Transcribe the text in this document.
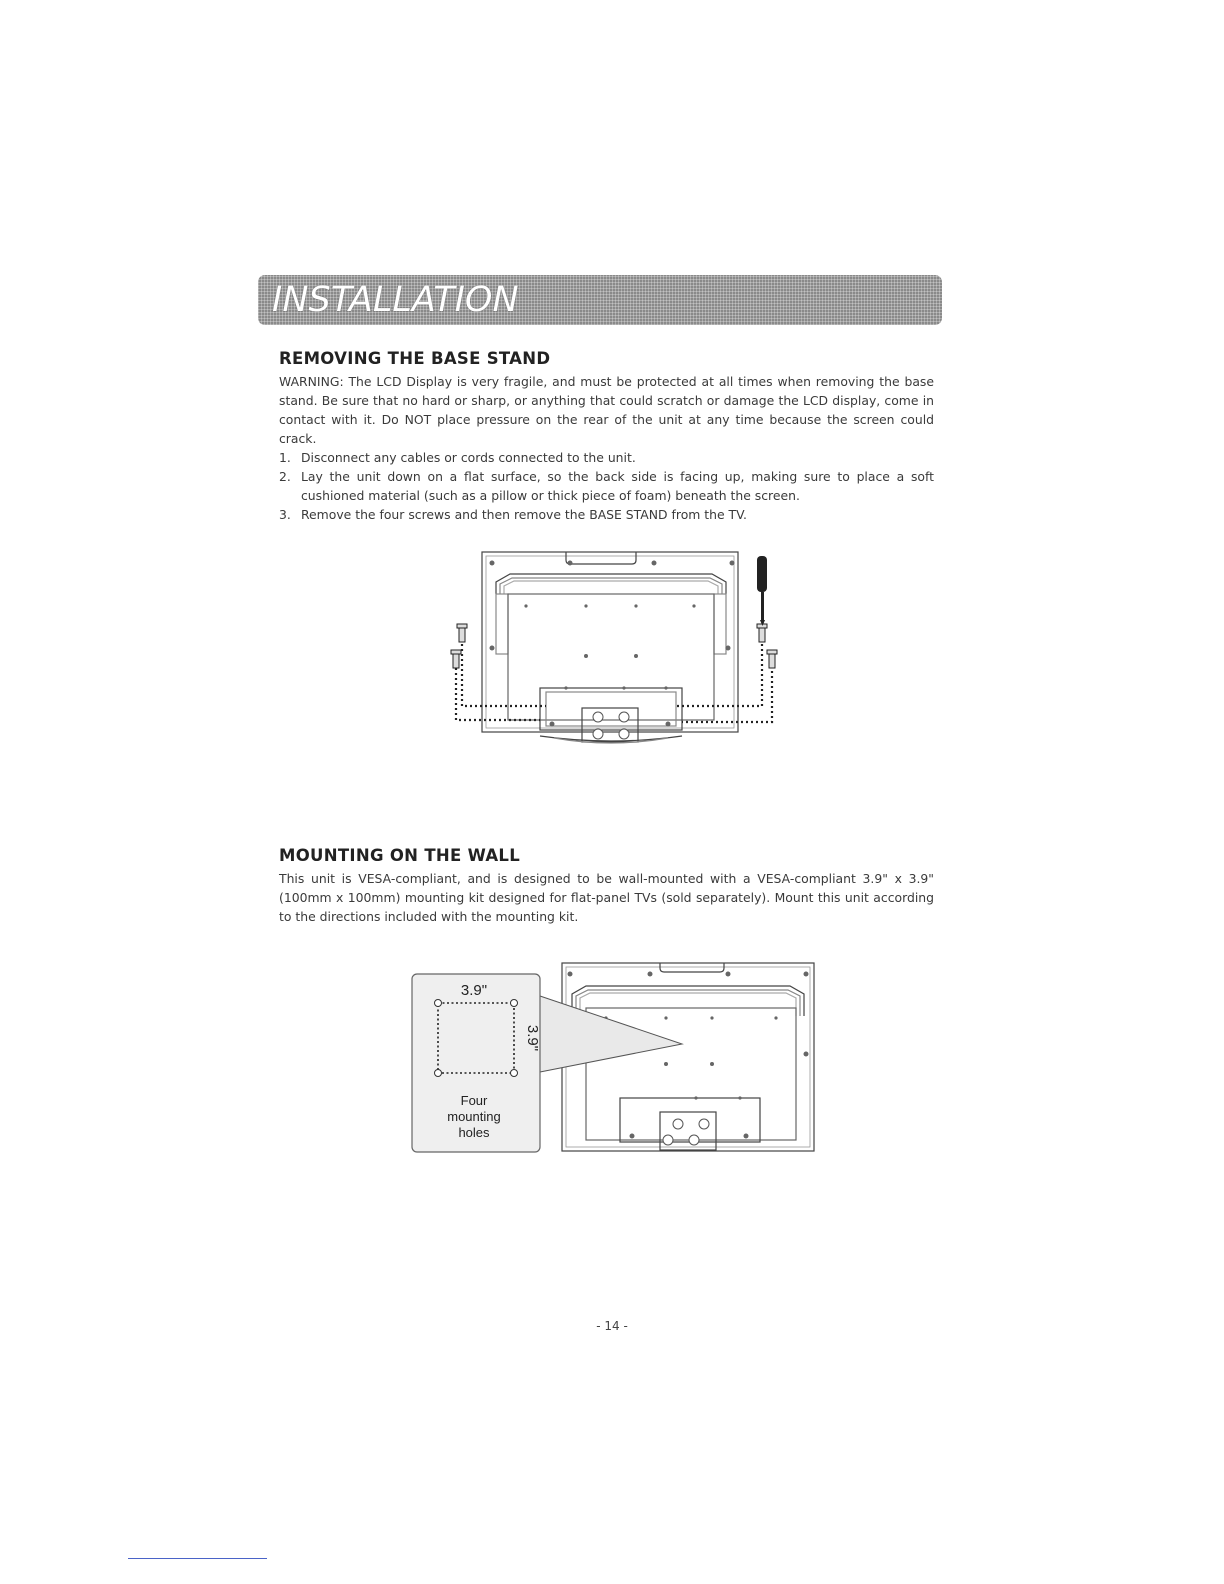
INSTALLATION
REMOVING THE BASE STAND

WARNING: The LCD Display is very fragile, and must be protected at all times when removing the base stand. Be sure that no hard or sharp, or anything that could scratch or damage the LCD display, come in contact with it. Do NOT place pressure on the rear of the unit at any time because the screen could crack.

1. Disconnect any cables or cords connected to the unit.
2. Lay the unit down on a flat surface, so the back side is facing up, making sure to place a soft cushioned material (such as a pillow or thick piece of foam) beneath the screen.
3. Remove the four screws and then remove the BASE STAND from the TV.
MOUNTING ON THE WALL

This unit is VESA-compliant, and is designed to be wall-mounted with a VESA-compliant 3.9" x 3.9" (100mm x 100mm) mounting kit designed for flat-panel TVs (sold separately). Mount this unit according to the directions included with the mounting kit.

3.9"
3.9"
Four
mounting
holes
- 14 -
